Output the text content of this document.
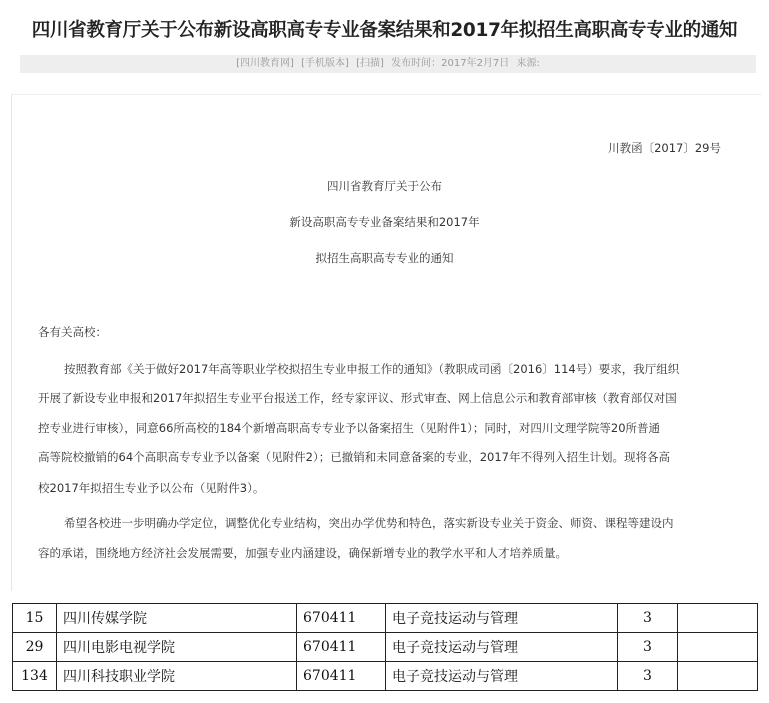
四川省教育厅关于公布新设高职高专专业备案结果和2017年拟招生高职高专专业的通知
[四川教育网] [手机版本] [扫描] 发布时间：2017年2月7日 来源:
川教函〔2017〕29号
四川省教育厅关于公布
新设高职高专专业备案结果和2017年
拟招生高职高专专业的通知
各有关高校：
按照教育部《关于做好2017年高等职业学校拟招生专业申报工作的通知》（教职成司函〔2016〕114号）要求，我厅组织
开展了新设专业申报和2017年拟招生专业平台报送工作，经专家评议、形式审查、网上信息公示和教育部审核（教育部仅对国
控专业进行审核），同意66所高校的184个新增高职高专专业予以备案招生（见附件1）；同时，对四川文理学院等20所普通
高等院校撤销的64个高职高专专业予以备案（见附件2）；已撤销和未同意备案的专业，2017年不得列入招生计划。现将各高
校2017年拟招生专业予以公布（见附件3）。
希望各校进一步明确办学定位，调整优化专业结构，突出办学优势和特色，落实新设专业关于资金、师资、课程等建设内
容的承诺，围绕地方经济社会发展需要，加强专业内涵建设，确保新增专业的教学水平和人才培养质量。
15	四川传媒学院	670411	电子竞技运动与管理	3	
29	四川电影电视学院	670411	电子竞技运动与管理	3	
134	四川科技职业学院	670411	电子竞技运动与管理	3	
